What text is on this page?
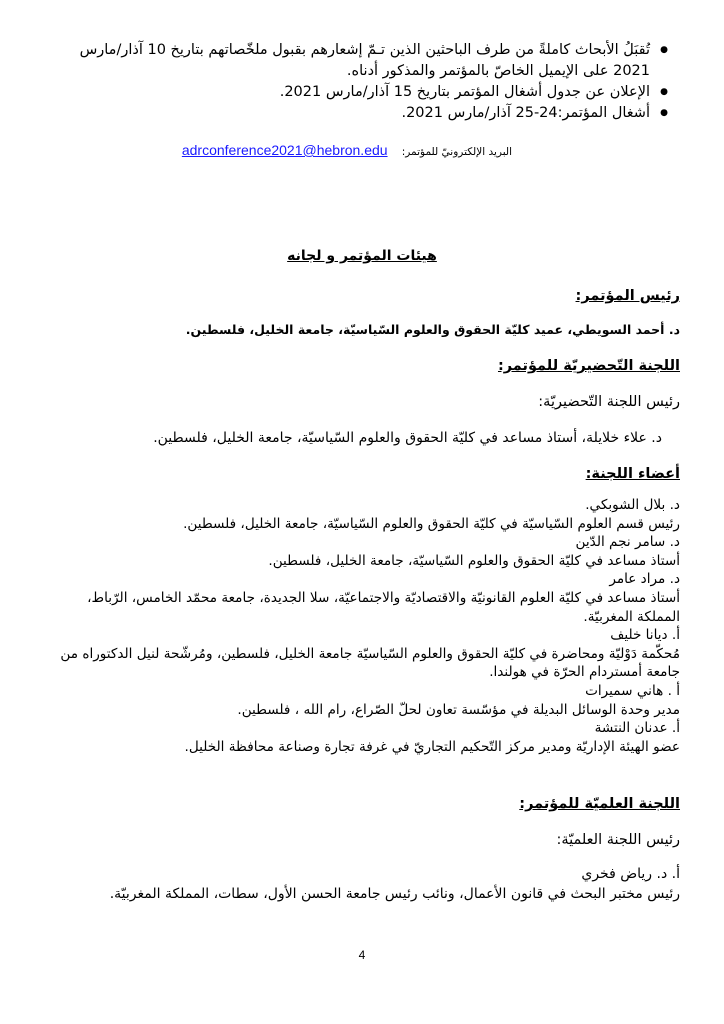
● تُقبَلُ الأبحاث كاملةً من طرف الباحثين الذين تـمّ إشعارهم بقبول ملخّصاتهم بتاريخ 10 آذار/مارس 2021 على الإيميل الخاصّ بالمؤتمر والمذكور أدناه.
● الإعلان عن جدول أشغال المؤتمر بتاريخ 15 آذار/مارس 2021.
● أشغال المؤتمر:24-25 آذار/مارس 2021.
البريد الإلكترونيّ للمؤتمر: adrconference2021@hebron.edu
هيئات المؤتمر و لجانه
رئيس المؤتمر:
د. أحمد السويطي، عميد كليّة الحقوق والعلوم السّياسيّة، جامعة الخليل، فلسطين.
اللجنة التّحضيريّة للمؤتمر:
رئيس اللجنة التّحضيريّة:
د. علاء خلايلة، أستاذ مساعد في كليّة الحقوق والعلوم السّياسيّة، جامعة الخليل، فلسطين.
أعضاء اللجنة:
د. بلال الشوبكي.
رئيس قسم العلوم السّياسيّة في كليّة الحقوق والعلوم السّياسيّة، جامعة الخليل، فلسطين.
د. سامر نجم الدّين
أستاذ مساعد في كليّة الحقوق والعلوم السّياسيّة، جامعة الخليل، فلسطين.
د. مراد عامر
أستاذ مساعد في كليّة العلوم القانونيّة والاقتصاديّة والاجتماعيّة، سلا الجديدة، جامعة محمّد الخامس، الرّباط، المملكة المغربيّة.
أ. ديانا خليف
مُحكّمة دَوْليّة ومحاضرة في كليّة الحقوق والعلوم السّياسيّة جامعة الخليل، فلسطين، ومُرشّحة لنيل الدكتوراه من جامعة أمستردام الحرّة في هولندا.
أ . هاني سميرات
مدير وحدة الوسائل البديلة في مؤسّسة تعاون لحلّ الصّراع، رام الله ، فلسطين.
أ. عدنان النتشة
عضو الهيئة الإداريّة ومدير مركز التّحكيم التجاريّ في غرفة تجارة وصناعة محافظة الخليل.
اللجنة العلميّة للمؤتمر:
رئيس اللجنة العلميّة:
أ. د. رياض فخري
رئيس مختبر البحث في قانون الأعمال، ونائب رئيس جامعة الحسن الأول، سطات، المملكة المغربيّة.
4
